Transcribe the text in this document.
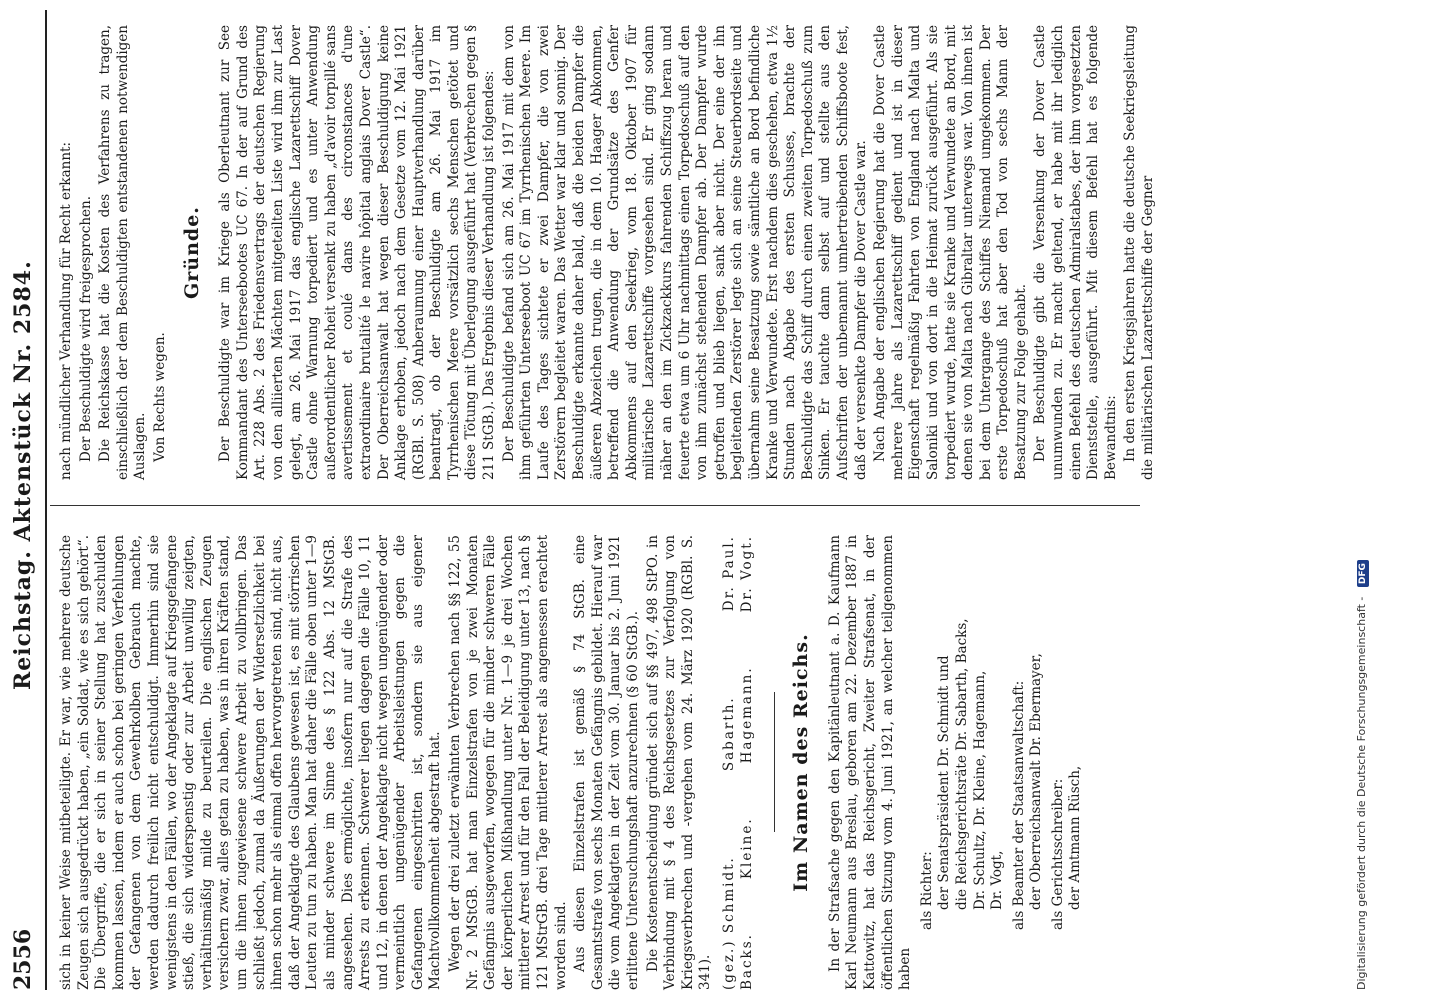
2556
Reichstag. Aktenstück Nr. 2584.

sich in keiner Weise mitbeteiligte. Er war, wie mehrere deutsche Zeugen sich ausgedrückt haben, „ein Soldat, wie es sich gehört“. Die Übergriffe, die er sich in seiner Stellung hat zuschulden kommen lassen, indem er auch schon bei geringen Verfehlungen der Gefangenen von dem Gewehrkolben Gebrauch machte, werden dadurch freilich nicht entschuldigt. Immerhin sind sie wenigstens in den Fällen, wo der Angeklagte auf Kriegsgefangene stieß, die sich widerspenstig oder zur Arbeit unwillig zeigten, verhältnismäßig milde zu beurteilen. Die englischen Zeugen versichern zwar, alles getan zu haben, was in ihren Kräften stand, um die ihnen zugewiesene schwere Arbeit zu vollbringen. Das schließt jedoch, zumal da Äußerungen der Widersetzlichkeit bei ihnen schon mehr als einmal offen hervorgetreten sind, nicht aus, daß der Angeklagte des Glaubens gewesen ist, es mit störrischen Leuten zu tun zu haben. Man hat daher die Fälle oben unter 1—9 als minder schwere im Sinne des § 122 Abs. 12 MStGB. angesehen. Dies ermöglichte, insofern nur auf die Strafe des Arrests zu erkennen. Schwerer liegen dagegen die Fälle 10, 11 und 12, in denen der Angeklagte nicht wegen ungenügender oder vermeintlich ungenügender Arbeitsleistungen gegen die Gefangenen eingeschritten ist, sondern sie aus eigener Machtvollkommenheit abgestraft hat. Wegen der drei zuletzt erwähnten Verbrechen nach §§ 122, 55 Nr. 2 MStGB. hat man Einzelstrafen von je zwei Monaten Gefängnis ausgeworfen, wogegen für die minder schweren Fälle der körperlichen Mißhandlung unter Nr. 1—9 je drei Wochen mittlerer Arrest und für den Fall der Beleidigung unter 13, nach § 121 MStrGB. drei Tage mittlerer Arrest als angemessen erachtet worden sind. Aus diesen Einzelstrafen ist gemäß § 74 StGB. eine Gesamtstrafe von sechs Monaten Gefängnis gebildet. Hierauf war die vom Angeklagten in der Zeit vom 30. Januar bis 2. Juni 1921 erlittene Untersuchungshaft anzurechnen (§ 60 StGB.). Die Kostenentscheidung gründet sich auf §§ 497, 498 StPO. in Verbindung mit § 4 des Reichsgesetzes zur Verfolgung von Kriegsverbrechen und -vergehen vom 24. März 1920 (RGBl. S. 341). (gez.) Schmidt.
Sabarth.
Dr. Paul.
Backs.
Kleine.
Hagemann.
Dr. Vogt.
Im Namen des Reichs. In der Strafsache gegen den Kapitänleutnant a. D. Kaufmann Karl Neumann aus Breslau, geboren am 22. Dezember 1887 in Kattowitz, hat das Reichsgericht, Zweiter Strafsenat, in der öffentlichen Sitzung vom 4. Juni 1921, an welcher teilgenommen haben

als Richter: der Senatspräsident Dr. Schmidt und die Reichsgerichtsräte Dr. Sabarth, Backs, Dr. Schultz, Dr. Kleine, Hagemann, Dr. Vogt, als Beamter der Staatsanwaltschaft: der Oberreichsanwalt Dr. Ebermayer, als Gerichtsschreiber: der Amtmann Rüsch,

nach mündlicher Verhandlung für Recht erkannt: Der Beschuldigte wird freigesprochen. Die Reichskasse hat die Kosten des Verfahrens zu tragen, einschließlich der dem Beschuldigten entstandenen notwendigen Auslagen. Von Rechts wegen.

Gründe. Der Beschuldigte war im Kriege als Oberleutnant zur See Kommandant des Unterseebootes UC 67. In der auf Grund des Art. 228 Abs. 2 des Friedensvertrags der deutschen Regierung von den alliierten Mächten mitgeteilten Liste wird ihm zur Last gelegt, am 26. Mai 1917 das englische Lazarettschiff Dover Castle ohne Warnung torpediert und es unter Anwendung außerordentlicher Roheit versenkt zu haben „d'avoir torpillé sans avertissement et coulé dans des circonstances d'une extraordinaire brutalité le navire hôpital anglais Dover Castle“. Der Oberreichsanwalt hat wegen dieser Beschuldigung keine Anklage erhoben, jedoch nach dem Gesetze vom 12. Mai 1921 (RGBl. S. 508) Anberaumung einer Hauptverhandlung darüber beantragt, ob der Beschuldigte am 26. Mai 1917 im Tyrrhenischen Meere vorsätzlich sechs Menschen getötet und diese Tötung mit Überlegung ausgeführt hat (Verbrechen gegen § 211 StGB.). Das Ergebnis dieser Verhandlung ist folgendes: Der Beschuldigte befand sich am 26. Mai 1917 mit dem von ihm geführten Unterseeboot UC 67 im Tyrrhenischen Meere. Im Laufe des Tages sichtete er zwei Dampfer, die von zwei Zerstörern begleitet waren. Das Wetter war klar und sonnig. Der Beschuldigte erkannte daher bald, daß die beiden Dampfer die äußeren Abzeichen trugen, die in dem 10. Haager Abkommen, betreffend die Anwendung der Grundsätze des Genfer Abkommens auf den Seekrieg, vom 18. Oktober 1907 für militärische Lazarettschiffe vorgesehen sind. Er ging sodann näher an den im Zickzackkurs fahrenden Schiffszug heran und feuerte etwa um 6 Uhr nachmittags einen Torpedoschuß auf den von ihm zunächst stehenden Dampfer ab. Der Dampfer wurde getroffen und blieb liegen, sank aber nicht. Der eine der ihn begleitenden Zerstörer legte sich an seine Steuerbordseite und übernahm seine Besatzung sowie sämtliche an Bord befindliche Kranke und Verwundete. Erst nachdem dies geschehen, etwa 1½ Stunden nach Abgabe des ersten Schusses, brachte der Beschuldigte das Schiff durch einen zweiten Torpedoschuß zum Sinken. Er tauchte dann selbst auf und stellte aus den Aufschriften der unbemannt umhertreibenden Schiffsboote fest, daß der versenkte Dampfer die Dover Castle war. Nach Angabe der englischen Regierung hat die Dover Castle mehrere Jahre als Lazarettschiff gedient und ist in dieser Eigenschaft regelmäßig Fahrten von England nach Malta und Saloniki und von dort in die Heimat zurück ausgeführt. Als sie torpediert wurde, hatte sie Kranke und Verwundete an Bord, mit denen sie von Malta nach Gibraltar unterwegs war. Von ihnen ist bei dem Untergange des Schiffes Niemand umgekommen. Der erste Torpedoschuß hat aber den Tod von sechs Mann der Besatzung zur Folge gehabt. Der Beschuldigte gibt die Versenkung der Dover Castle unumwunden zu. Er macht geltend, er habe mit ihr lediglich einen Befehl des deutschen Admiralstabes, der ihm vorgesetzten Dienststelle, ausgeführt. Mit diesem Befehl hat es folgende Bewandtnis: In den ersten Kriegsjahren hatte die deutsche Seekriegsleitung die militärischen Lazarettschiffe der Gegner

Digitalisierung gefördert durch die Deutsche Forschungsgemeinschaft - DFG
